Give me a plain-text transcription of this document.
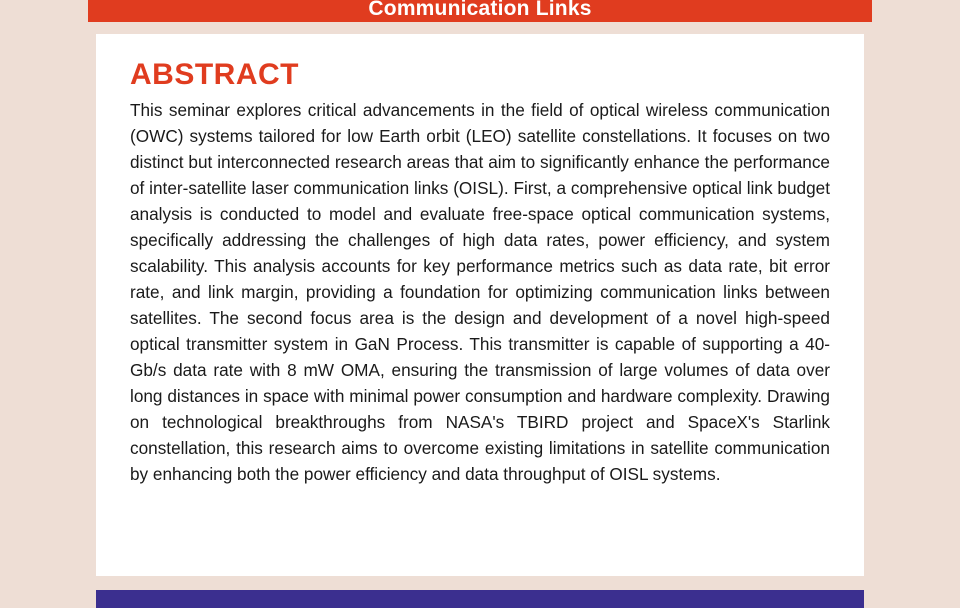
Communication Links
ABSTRACT

This seminar explores critical advancements in the field of optical wireless communication (OWC) systems tailored for low Earth orbit (LEO) satellite constellations. It focuses on two distinct but interconnected research areas that aim to significantly enhance the performance of inter-satellite laser communication links (OISL). First, a comprehensive optical link budget analysis is conducted to model and evaluate free-space optical communication systems, specifically addressing the challenges of high data rates, power efficiency, and system scalability. This analysis accounts for key performance metrics such as data rate, bit error rate, and link margin, providing a foundation for optimizing communication links between satellites. The second focus area is the design and development of a novel high-speed optical transmitter system in GaN Process. This transmitter is capable of supporting a 40-Gb/s data rate with 8 mW OMA, ensuring the transmission of large volumes of data over long distances in space with minimal power consumption and hardware complexity. Drawing on technological breakthroughs from NASA's TBIRD project and SpaceX's Starlink constellation, this research aims to overcome existing limitations in satellite communication by enhancing both the power efficiency and data throughput of OISL systems.
